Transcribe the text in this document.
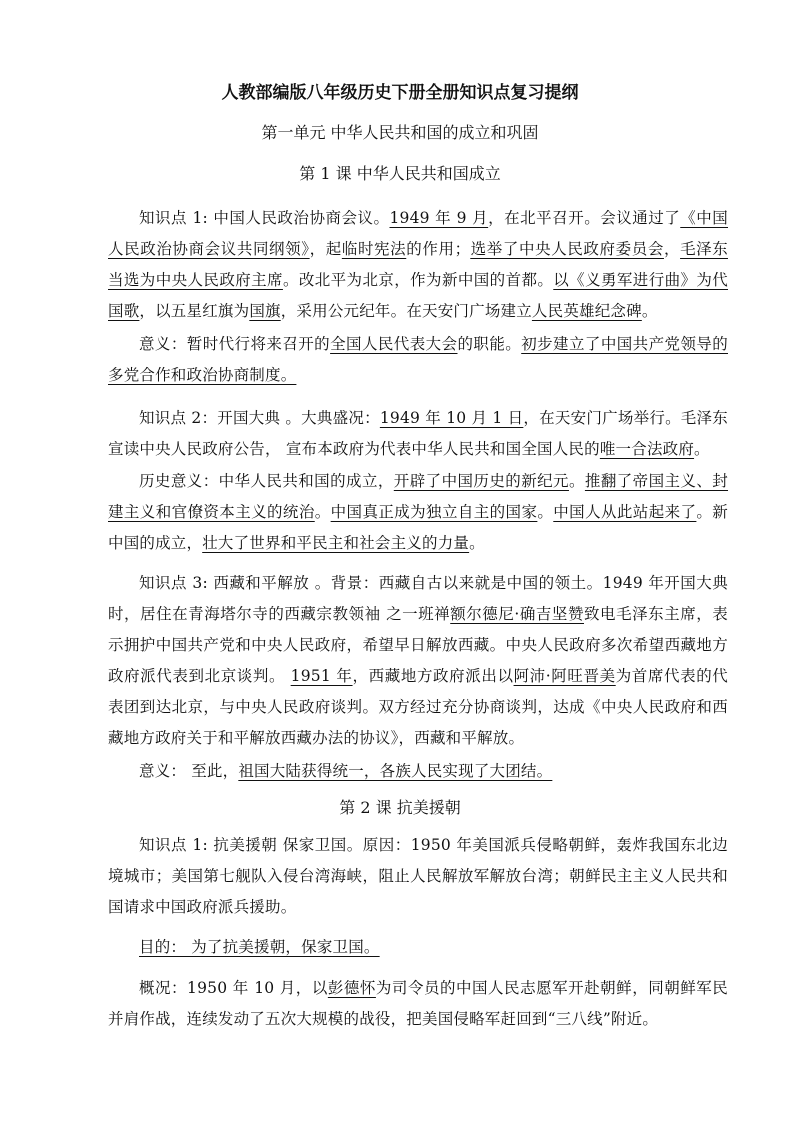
人教部编版八年级历史下册全册知识点复习提纲
第一单元 中华人民共和国的成立和巩固
第 1 课 中华人民共和国成立
知识点 1: 中国人民政治协商会议。1949 年 9 月，在北平召开。会议通过了《中国人民政治协商会议共同纲领》，起临时宪法的作用；选举了中央人民政府委员会，毛泽东当选为中央人民政府主席。改北平为北京，作为新中国的首都。以《义勇军进行曲》为代国歌，以五星红旗为国旗，采用公元纪年。在天安门广场建立人民英雄纪念碑。
意义：暂时代行将来召开的全国人民代表大会的职能。初步建立了中国共产党领导的多党合作和政治协商制度。
知识点 2：开国大典 。大典盛况：1949 年 10 月 1 日，在天安门广场举行。毛泽东宣读中央人民政府公告， 宣布本政府为代表中华人民共和国全国人民的唯一合法政府。
历史意义：中华人民共和国的成立，开辟了中国历史的新纪元。推翻了帝国主义、封建主义和官僚资本主义的统治。中国真正成为独立自主的国家。中国人从此站起来了。新中国的成立，壮大了世界和平民主和社会主义的力量。
知识点 3: 西藏和平解放 。背景：西藏自古以来就是中国的领土。1949 年开国大典时，居住在青海塔尔寺的西藏宗教领袖 之一班禅额尔德尼·确吉坚赞致电毛泽东主席，表示拥护中国共产党和中央人民政府，希望早日解放西藏。中央人民政府多次希望西藏地方政府派代表到北京谈判。 1951 年，西藏地方政府派出以阿沛·阿旺晋美为首席代表的代表团到达北京，与中央人民政府谈判。双方经过充分协商谈判，达成《中央人民政府和西藏地方政府关于和平解放西藏办法的协议》，西藏和平解放。
意义： 至此，祖国大陆获得统一，各族人民实现了大团结。
第 2 课 抗美援朝
知识点 1: 抗美援朝 保家卫国。原因：1950 年美国派兵侵略朝鲜，轰炸我国东北边境城市；美国第七舰队入侵台湾海峡，阻止人民解放军解放台湾；朝鲜民主主义人民共和国请求中国政府派兵援助。
目的： 为了抗美援朝，保家卫国。
概况：1950 年 10 月，以彭德怀为司令员的中国人民志愿军开赴朝鲜，同朝鲜军民并肩作战，连续发动了五次大规模的战役，把美国侵略军赶回到“三八线”附近。
